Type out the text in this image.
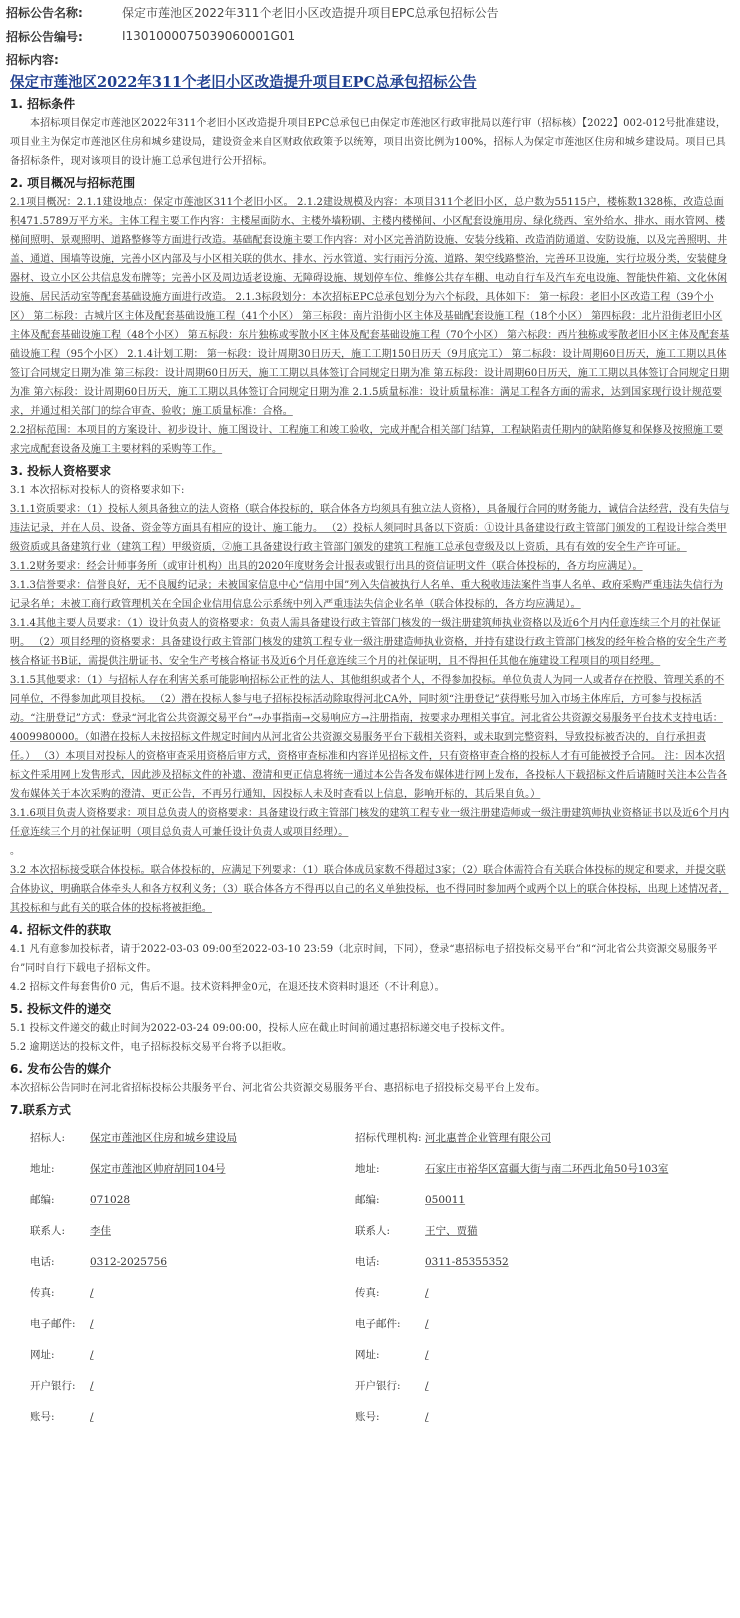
招标公告名称:	保定市莲池区2022年311个老旧小区改造提升项目EPC总承包招标公告
招标公告编号:	I1301000075039060001G01
招标内容:
保定市莲池区2022年311个老旧小区改造提升项目EPC总承包招标公告
1. 招标条件

本招标项目保定市莲池区2022年311个老旧小区改造提升项目EPC总承包已由保定市莲池区行政审批局以莲行审（招标核）【2022】002-012号批准建设，项目业主为保定市莲池区住房和城乡建设局，建设资金来自区财政依政策予以统筹，项目出资比例为100%，招标人为保定市莲池区住房和城乡建设局。项目已具备招标条件，现对该项目的设计施工总承包进行公开招标。

2. 项目概况与招标范围

2.1项目概况：2.1.1建设地点：保定市莲池区311个老旧小区。 2.1.2建设规模及内容：本项目311个老旧小区，总户数为55115户，楼栋数1328栋，改造总面积471.5789万平方米。主体工程主要工作内容：主楼屋面防水、主楼外墙粉刷、主楼内楼梯间、小区配套设施用房、绿化绕西、室外给水、排水、雨水管网、楼梯间照明、景观照明、道路整修等方面进行改造。基础配套设施主要工作内容：对小区完善消防设施、安装分线箱、改造消防通道、安防设施，以及完善照明、井盖、通道、围墙等设施，完善小区内部及与小区相关联的供水、排水、污水管道、实行雨污分流、道路、架空线路整治，完善环卫设施，实行垃圾分类，安装健身器材、设立小区公共信息发布牌等；完善小区及周边适老设施、无障碍设施、规划停车位、维修公共存车棚、电动自行车及汽车充电设施、智能快件箱、文化休闲设施、居民活动室等配套基础设施方面进行改造。 2.1.3标段划分：本次招标EPC总承包划分为六个标段，具体如下： 第一标段：老旧小区改造工程（39个小区） 第二标段：古城片区主体及配套基础设施工程（41个小区） 第三标段：南片沿街小区主体及基础配套设施工程（18个小区） 第四标段：北片沿街老旧小区主体及配套基础设施工程（48个小区） 第五标段：东片独栋或零散小区主体及配套基础设施工程（70个小区） 第六标段：西片独栋或零散老旧小区主体及配套基础设施工程（95个小区） 2.1.4计划工期： 第一标段：设计周期30日历天，施工工期150日历天（9月底完工） 第二标段：设计周期60日历天，施工工期以具体签订合同规定日期为准 第三标段：设计周期60日历天，施工工期以具体签订合同规定日期为准 第五标段：设计周期60日历天，施工工期以具体签订合同规定日期为准 第六标段：设计周期60日历天，施工工期以具体签订合同规定日期为准 2.1.5质量标准：设计质量标准：满足工程各方面的需求，达到国家现行设计规范要求，并通过相关部门的综合审查、验收；施工质量标准：合格。

2.2招标范围：本项目的方案设计、初步设计、施工图设计、工程施工和竣工验收，完成并配合相关部门结算，工程缺陷责任期内的缺陷修复和保修及按照施工要求完成配套设备及施工主要材料的采购等工作。

3. 投标人资格要求

3.1 本次招标对投标人的资格要求如下:

3.1.1资质要求：（1）投标人须具备独立的法人资格（联合体投标的，联合体各方均须具有独立法人资格），具备履行合同的财务能力，诚信合法经营，没有失信与违法记录，并在人员、设备、资金等方面具有相应的设计、施工能力。 （2）投标人须同时具备以下资质：①设计具备建设行政主管部门颁发的工程设计综合类甲级资质或具备建筑行业（建筑工程）甲级资质，②施工具备建设行政主管部门颁发的建筑工程施工总承包壹级及以上资质，具有有效的安全生产许可证。

3.1.2财务要求：经会计师事务所（或审计机构）出具的2020年度财务会计报表或银行出具的资信证明文件（联合体投标的，各方均应满足）。

3.1.3信誉要求：信誉良好，无不良履约记录；未被国家信息中心“信用中国”列入失信被执行人名单、重大税收违法案件当事人名单、政府采购严重违法失信行为记录名单；未被工商行政管理机关在全国企业信用信息公示系统中列入严重违法失信企业名单（联合体投标的，各方均应满足）。

3.1.4其他主要人员要求：（1）设计负责人的资格要求：负责人需具备建设行政主管部门核发的一级注册建筑师执业资格以及近6个月内任意连续三个月的社保证明。 （2）项目经理的资格要求：具备建设行政主管部门核发的建筑工程专业一级注册建造师执业资格，并持有建设行政主管部门核发的经年检合格的安全生产考核合格证书B证，需提供注册证书、安全生产考核合格证书及近6个月任意连续三个月的社保证明，且不得担任其他在施建设工程项目的项目经理。

3.1.5其他要求：（1）与招标人存在利害关系可能影响招标公正性的法人、其他组织或者个人，不得参加投标。单位负责人为同一人或者存在控股、管理关系的不同单位，不得参加此项目投标。 （2）潜在投标人参与电子招标投标活动除取得河北CA外，同时须“注册登记”获得账号加入市场主体库后，方可参与投标活动。“注册登记”方式：登录“河北省公共资源交易平台”→办事指南→交易响应方→注册指南，按要求办理相关事宜。河北省公共资源交易服务平台技术支持电话：4009980000。（如潜在投标人未按招标文件规定时间内从河北省公共资源交易服务平台下载相关资料，或未取到完整资料，导致投标被否决的，自行承担责任。） （3）本项目对投标人的资格审查采用资格后审方式，资格审查标准和内容详见招标文件，只有资格审查合格的投标人才有可能被授予合同。 注：因本次招标文件采用网上发售形式，因此涉及招标文件的补遗、澄清和更正信息将统一通过本公告各发布媒体进行网上发布，各投标人下载招标文件后请随时关注本公告各发布媒体关于本次采购的澄清、更正公告，不再另行通知，因投标人未及时查看以上信息，影响开标的，其后果自负。）

3.1.6项目负责人资格要求：项目总负责人的资格要求：具备建设行政主管部门核发的建筑工程专业一级注册建造师或一级注册建筑师执业资格证书以及近6个月内任意连续三个月的社保证明（项目总负责人可兼任设计负责人或项目经理）。

。

3.2 本次招标接受联合体投标。联合体投标的，应满足下列要求：（1）联合体成员家数不得超过3家；（2）联合体需符合有关联合体投标的规定和要求，并提交联合体协议，明确联合体牵头人和各方权利义务；（3）联合体各方不得再以自己的名义单独投标，也不得同时参加两个或两个以上的联合体投标，出现上述情况者，其投标和与此有关的联合体的投标将被拒绝。

4. 招标文件的获取

4.1 凡有意参加投标者，请于2022-03-03 09:00至2022-03-10 23:59（北京时间，下同），登录“惠招标电子招投标交易平台”和“河北省公共资源交易服务平台”同时自行下载电子招标文件。

4.2 招标文件每套售价0 元，售后不退。技术资料押金0元，在退还技术资料时退还（不计利息）。

5. 投标文件的递交

5.1 投标文件递交的截止时间为2022-03-24 09:00:00，投标人应在截止时间前通过惠招标递交电子投标文件。

5.2 逾期送达的投标文件，电子招标投标交易平台将予以拒收。

6. 发布公告的媒介

本次招标公告同时在河北省招标投标公共服务平台、河北省公共资源交易服务平台、惠招标电子招投标交易平台上发布。

7.联系方式
招标人:	保定市莲池区住房和城乡建设局	招标代理机构:	河北惠普企业管理有限公司
地址:	保定市莲池区帅府胡同104号	地址:	石家庄市裕华区富疆大街与南二环西北角50号103室
邮编:	071028	邮编:	050011
联系人:	李佳	联系人:	王宁、贾猫
电话:	0312-2025756	电话:	0311-85355352
传真:	/	传真:	/
电子邮件:	/	电子邮件:	/
网址:	/	网址:	/
开户银行:	/	开户银行:	/
账号:	/	账号:	/
